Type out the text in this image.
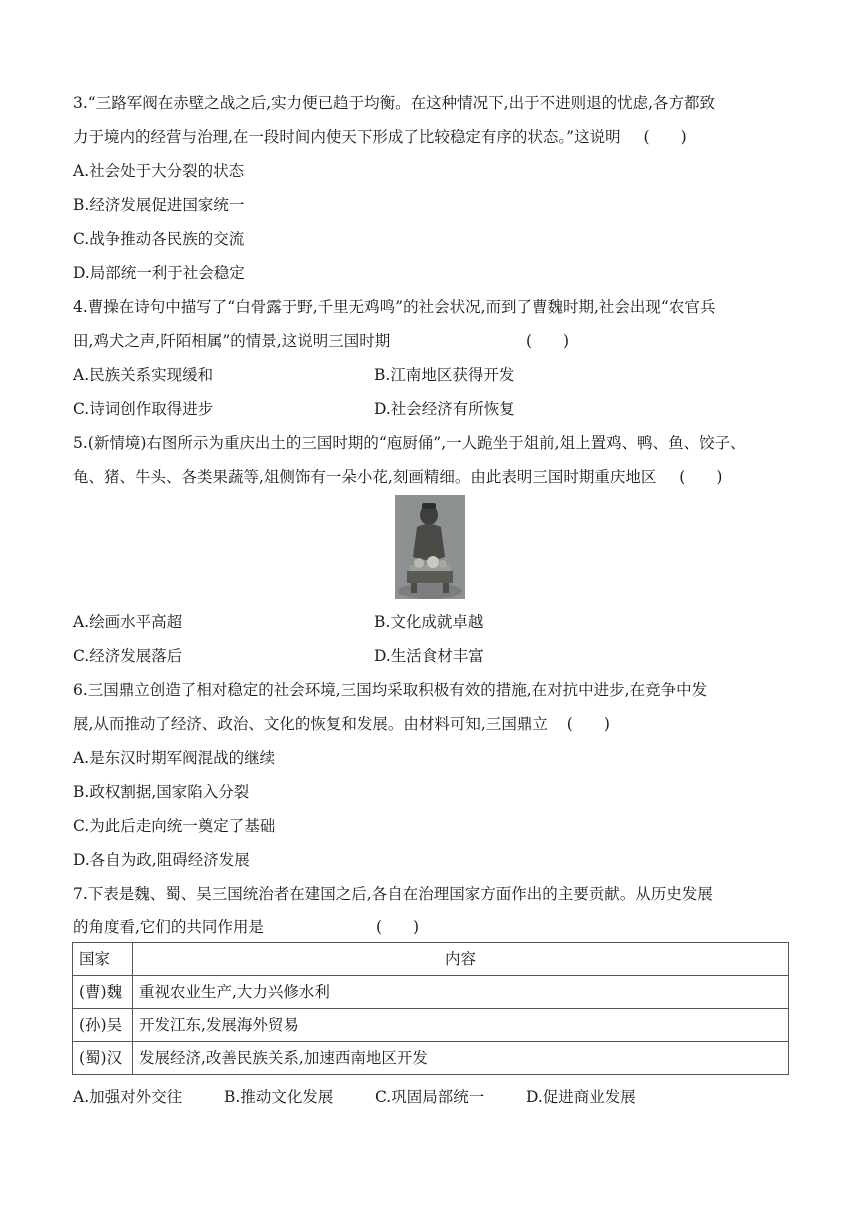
3.“三路军阀在赤壁之战之后,实力便已趋于均衡。在这种情况下,出于不进则退的忧虑,各方都致
力于境内的经营与治理,在一段时间内使天下形成了比较稳定有序的状态。”这说明 (　　)
A.社会处于大分裂的状态
B.经济发展促进国家统一
C.战争推动各民族的交流
D.局部统一利于社会稳定
4.曹操在诗句中描写了“白骨露于野,千里无鸡鸣”的社会状况,而到了曹魏时期,社会出现“农官兵
田,鸡犬之声,阡陌相属”的情景,这说明三国时期	(　　)
A.民族关系实现缓和	B.江南地区获得开发
C.诗词创作取得进步	D.社会经济有所恢复
5.(新情境)右图所示为重庆出土的三国时期的“庖厨俑”,一人跪坐于俎前,俎上置鸡、鸭、鱼、饺子、
龟、猪、牛头、各类果蔬等,俎侧饰有一朵小花,刻画精细。由此表明三国时期重庆地区 (　　)
A.绘画水平高超	B.文化成就卓越
C.经济发展落后	D.生活食材丰富
6.三国鼎立创造了相对稳定的社会环境,三国均采取积极有效的措施,在对抗中进步,在竞争中发
展,从而推动了经济、政治、文化的恢复和发展。由材料可知,三国鼎立 (　　)
A.是东汉时期军阀混战的继续
B.政权割据,国家陷入分裂
C.为此后走向统一奠定了基础
D.各自为政,阻碍经济发展
7.下表是魏、蜀、吴三国统治者在建国之后,各自在治理国家方面作出的主要贡献。从历史发展
的角度看,它们的共同作用是	(　　)
国家	内容
(曹)魏	重视农业生产,大力兴修水利
(孙)吴	开发江东,发展海外贸易
(蜀)汉	发展经济,改善民族关系,加速西南地区开发
A.加强对外交往	B.推动文化发展	C.巩固局部统一	D.促进商业发展
